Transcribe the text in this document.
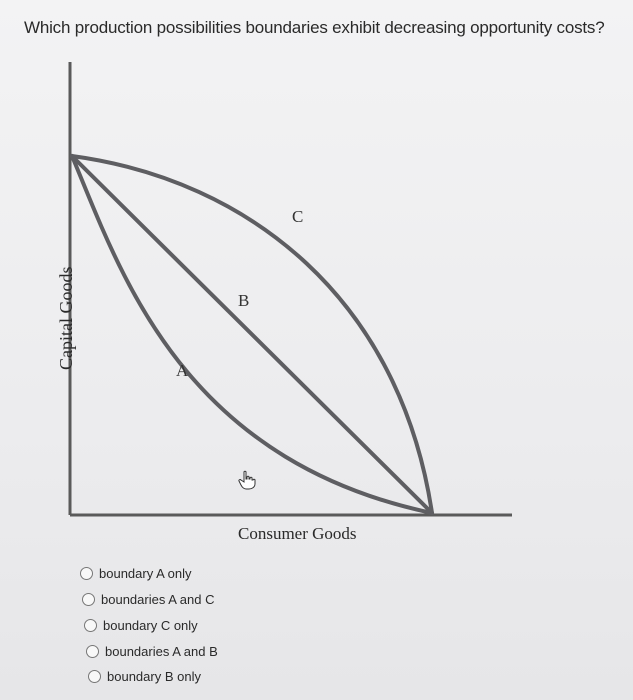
Which production possibilities boundaries exhibit decreasing opportunity costs?
A
B
C
Capital Goods
Consumer Goods
boundary A only
boundaries A and C
boundary C only
boundaries A and B
boundary B only
